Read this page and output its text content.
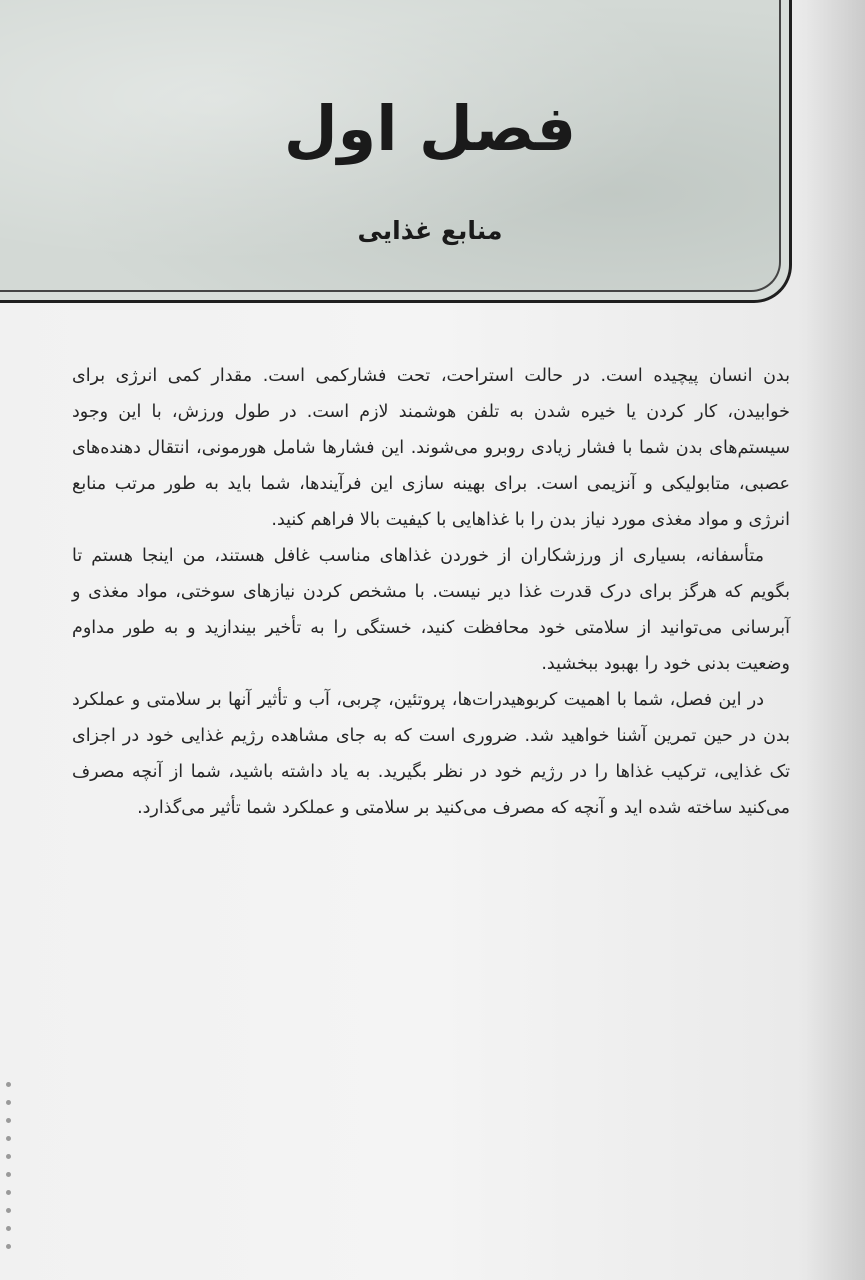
فصل اول
منابع غذایی

بدن انسان پیچیده است. در حالت استراحت، تحت فشارکمی است. مقدار کمی انرژی برای خوابیدن، کار کردن یا خیره شدن به تلفن هوشمند لازم است. در طول ورزش، با این وجود سیستم‌های بدن شما با فشار زیادی روبرو می‌شوند. این فشارها شامل هورمونی، انتقال دهنده‌های عصبی، متابولیکی و آنزیمی است. برای بهینه سازی این فرآیندها، شما باید به طور مرتب منابع انرژی و مواد مغذی مورد نیاز بدن را با غذاهایی با کیفیت بالا فراهم کنید.

متأسفانه، بسیاری از ورزشکاران از خوردن غذاهای مناسب غافل هستند، من اینجا هستم تا بگویم که هرگز برای درک قدرت غذا دیر نیست. با مشخص کردن نیازهای سوختی، مواد مغذی و آبرسانی می‌توانید از سلامتی خود محافظت کنید، خستگی را به تأخیر بیندازید و به طور مداوم وضعیت بدنی خود را بهبود ببخشید.

در این فصل، شما با اهمیت کربوهیدرات‌ها، پروتئین، چربی، آب و تأثیر آنها بر سلامتی و عملکرد بدن در حین تمرین آشنا خواهید شد. ضروری است که به جای مشاهده رژیم غذایی خود در اجزای تک غذایی، ترکیب غذاها را در رژیم خود در نظر بگیرید. به یاد داشته باشید، شما از آنچه مصرف می‌کنید ساخته شده اید و آنچه که مصرف می‌کنید بر سلامتی و عملکرد شما تأثیر می‌گذارد.
